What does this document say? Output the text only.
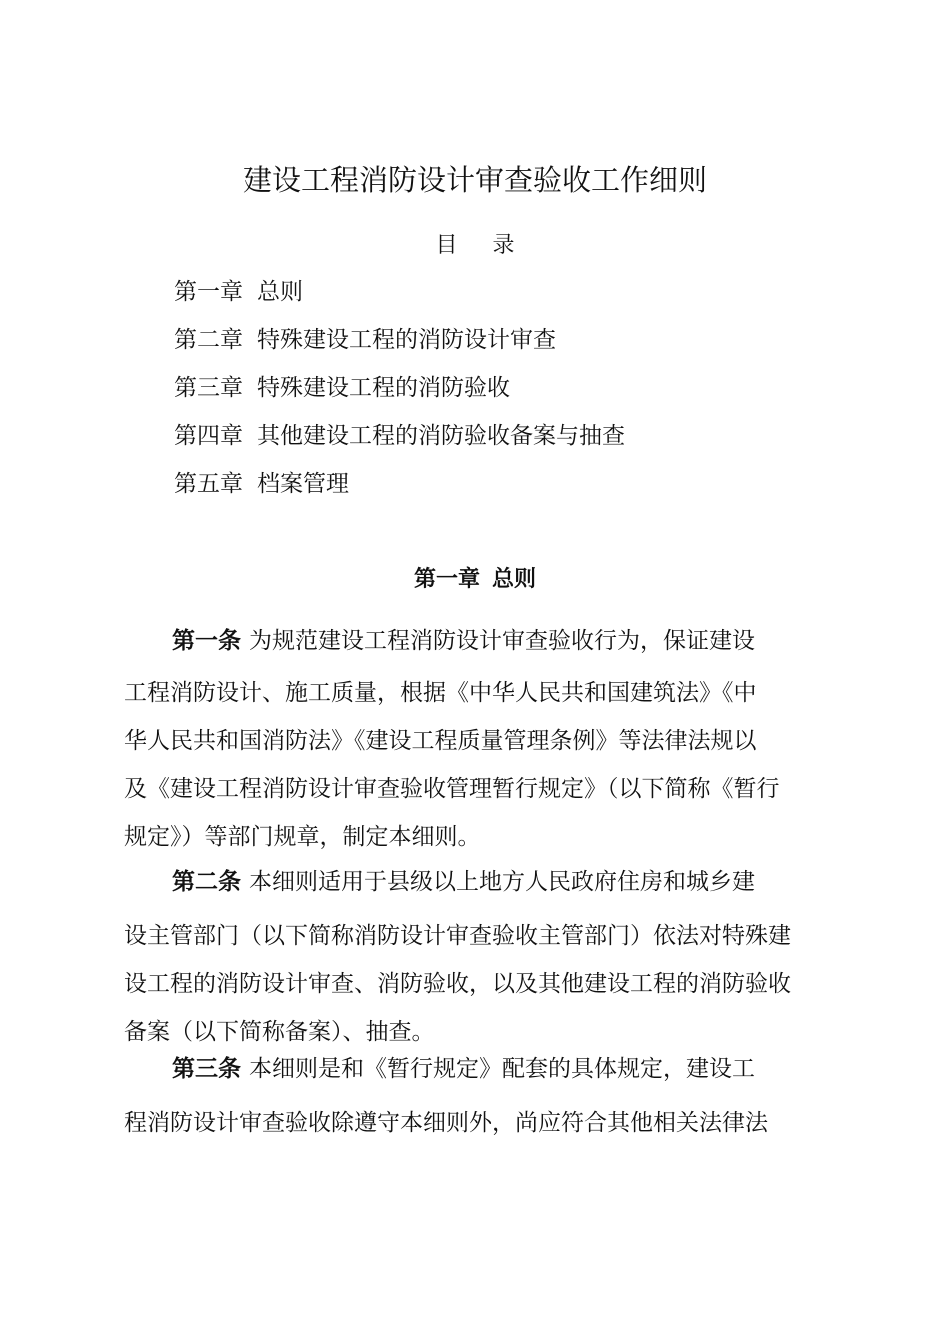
建设工程消防设计审查验收工作细则
目 录
第一章 总则
第二章 特殊建设工程的消防设计审查
第三章 特殊建设工程的消防验收
第四章 其他建设工程的消防验收备案与抽查
第五章 档案管理
第一章 总则
第一条 为规范建设工程消防设计审查验收行为，保证建设
工程消防设计、施工质量，根据《中华人民共和国建筑法》《中
华人民共和国消防法》《建设工程质量管理条例》等法律法规以
及《建设工程消防设计审查验收管理暂行规定》（以下简称《暂行
规定》）等部门规章，制定本细则。
第二条 本细则适用于县级以上地方人民政府住房和城乡建
设主管部门（以下简称消防设计审查验收主管部门）依法对特殊建
设工程的消防设计审查、消防验收，以及其他建设工程的消防验收
备案（以下简称备案）、抽查。
第三条 本细则是和《暂行规定》配套的具体规定，建设工
程消防设计审查验收除遵守本细则外，尚应符合其他相关法律法
